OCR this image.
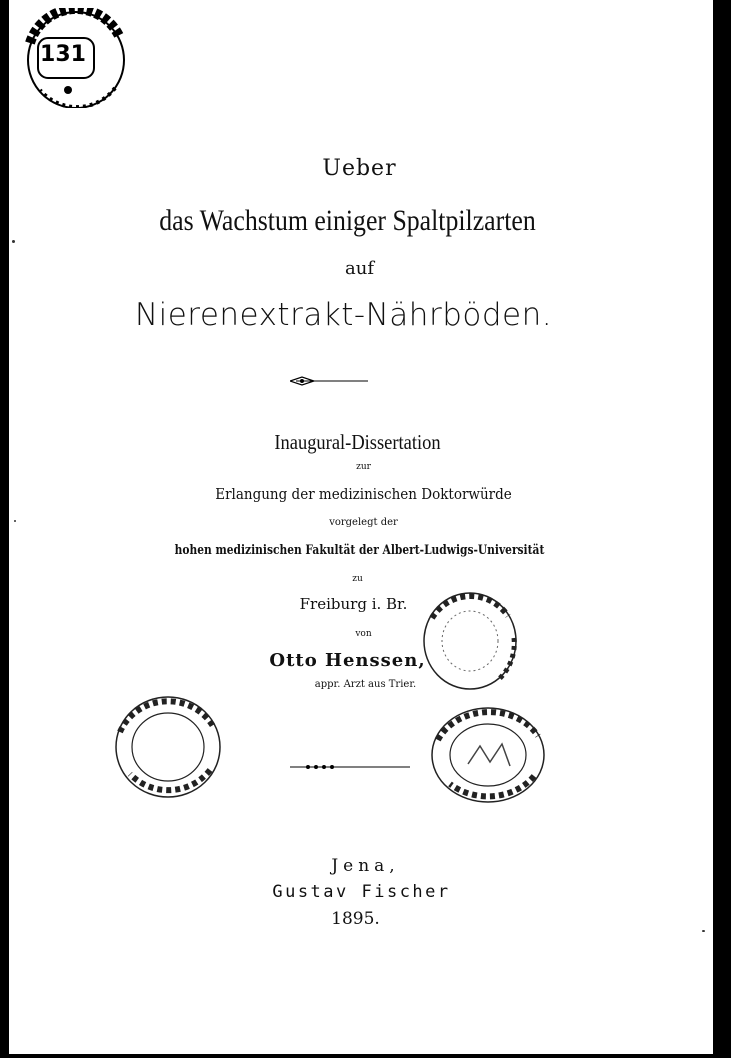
131
Ueber
das Wachstum einiger Spaltpilzarten
auf
Nierenextrakt-Nährböden.
Inaugural-Dissertation
zur
Erlangung der medizinischen Doktorwürde
vorgelegt der
hohen medizinischen Fakultät der Albert-Ludwigs-Universität
zu
Freiburg i. Br.
von
Otto Henssen,
appr. Arzt aus Trier.
Jena,
Gustav Fischer
1895.
